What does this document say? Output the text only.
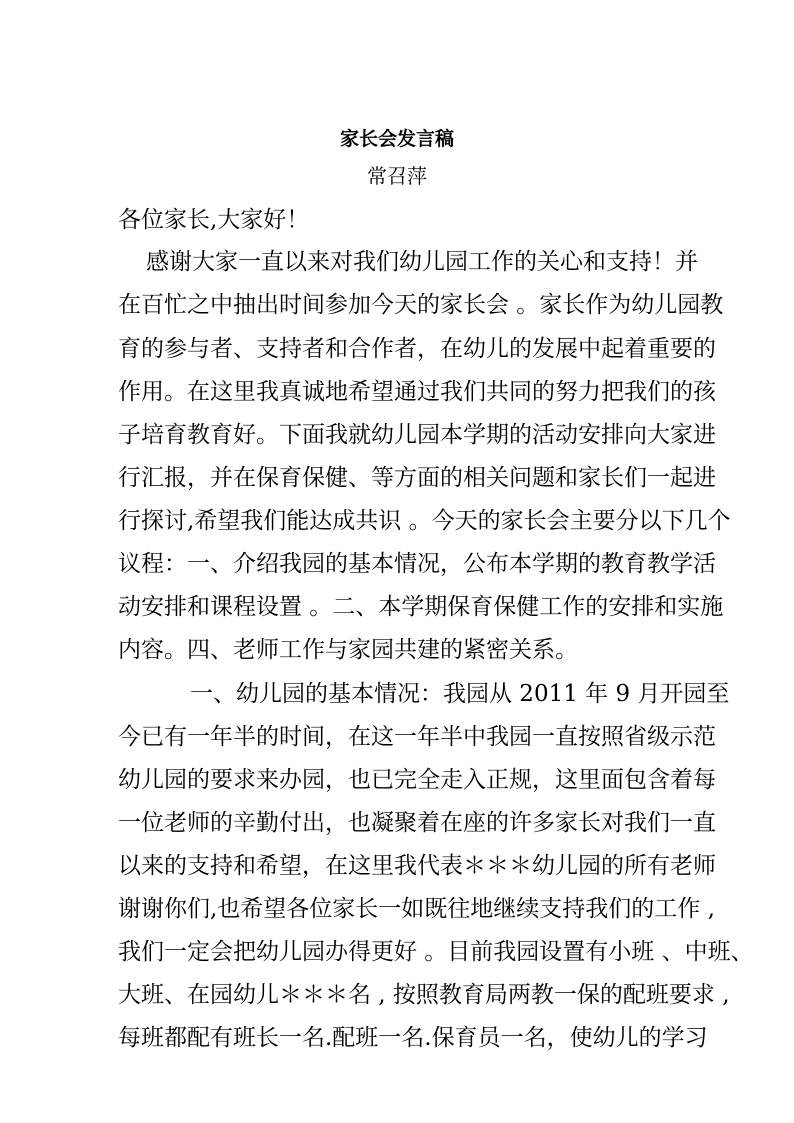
家长会发言稿
常召萍
各位家长,大家好！
感谢大家一直以来对我们幼儿园工作的关心和支持！并
在百忙之中抽出时间参加今天的家长会 。家长作为幼儿园教
育的参与者、支持者和合作者，在幼儿的发展中起着重要的
作用。在这里我真诚地希望通过我们共同的努力把我们的孩
子培育教育好。下面我就幼儿园本学期的活动安排向大家进
行汇报，并在保育保健、等方面的相关问题和家长们一起进
行探讨,希望我们能达成共识 。今天的家长会主要分以下几个
议程：一、介绍我园的基本情况，公布本学期的教育教学活
动安排和课程设置 。二、本学期保育保健工作的安排和实施
内容。四、老师工作与家园共建的紧密关系。
一、幼儿园的基本情况：我园从 2011 年 9 月开园至
今已有一年半的时间，在这一年半中我园一直按照省级示范
幼儿园的要求来办园，也已完全走入正规，这里面包含着每
一位老师的辛勤付出，也凝聚着在座的许多家长对我们一直
以来的支持和希望，在这里我代表＊＊＊幼儿园的所有老师
谢谢你们,也希望各位家长一如既往地继续支持我们的工作 ,
我们一定会把幼儿园办得更好 。目前我园设置有小班 、中班、
大班、在园幼儿＊＊＊名 , 按照教育局两教一保的配班要求 ,
每班都配有班长一名.配班一名.保育员一名，使幼儿的学习
